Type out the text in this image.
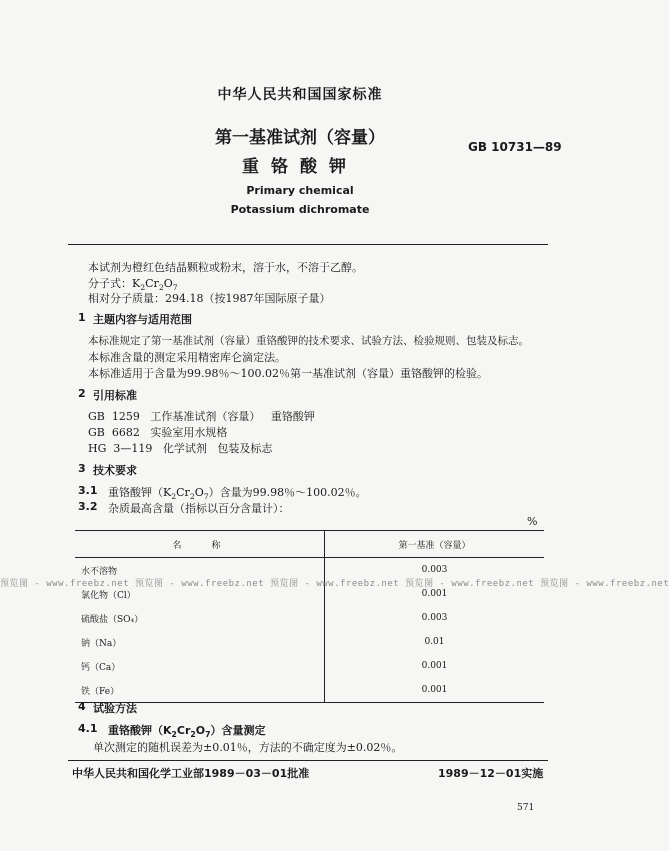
中华人民共和国国家标准
第一基准试剂（容量）	GB 10731—89
重铬酸钾
Primary chemical
Potassium dichromate
本试剂为橙红色结晶颗粒或粉末，溶于水，不溶于乙醇。
分子式：$K_2Cr_2O_7$
相对分子质量：294.18（按1987年国际原子量）
1 主题内容与适用范围
本标准规定了第一基准试剂（容量）重铬酸钾的技术要求、试验方法、检验规则、包装及标志。
本标准含量的测定采用精密库仑滴定法。
本标准适用于含量为99.98％～100.02％第一基准试剂（容量）重铬酸钾的检验。
2 引用标准
GB  1259   工作基准试剂（容量）   重铬酸钾
GB  6682   实验室用水规格
HG  3—119   化学试剂   包装及标志
3 技术要求
3.1 重铬酸钾$(K_2Cr_2O_7)$含量为99.98％～100.02％。
3.2 杂质最高含量（指标以百分含量计）：
%
名称	第一基准（容量）
水不溶物	0.003
氯化物（Cl）	0.001
硫酸盐（SO₄）	0.003
钠（Na）	0.01
钙（Ca）	0.001
铁（Fe）	0.001
预览图 - www.freebz.net 预览图 - www.freebz.net 预览图 - www.freebz.net 预览图 - www.freebz.net 预览图 - www.freebz.net
4 试验方法
4.1 重铬酸钾$(K_2Cr_2O_7)$含量测定
单次测定的随机误差为±0.01％，方法的不确定度为±0.02％。
中华人民共和国化学工业部1989－03－01批准	1989－12－01实施
571
